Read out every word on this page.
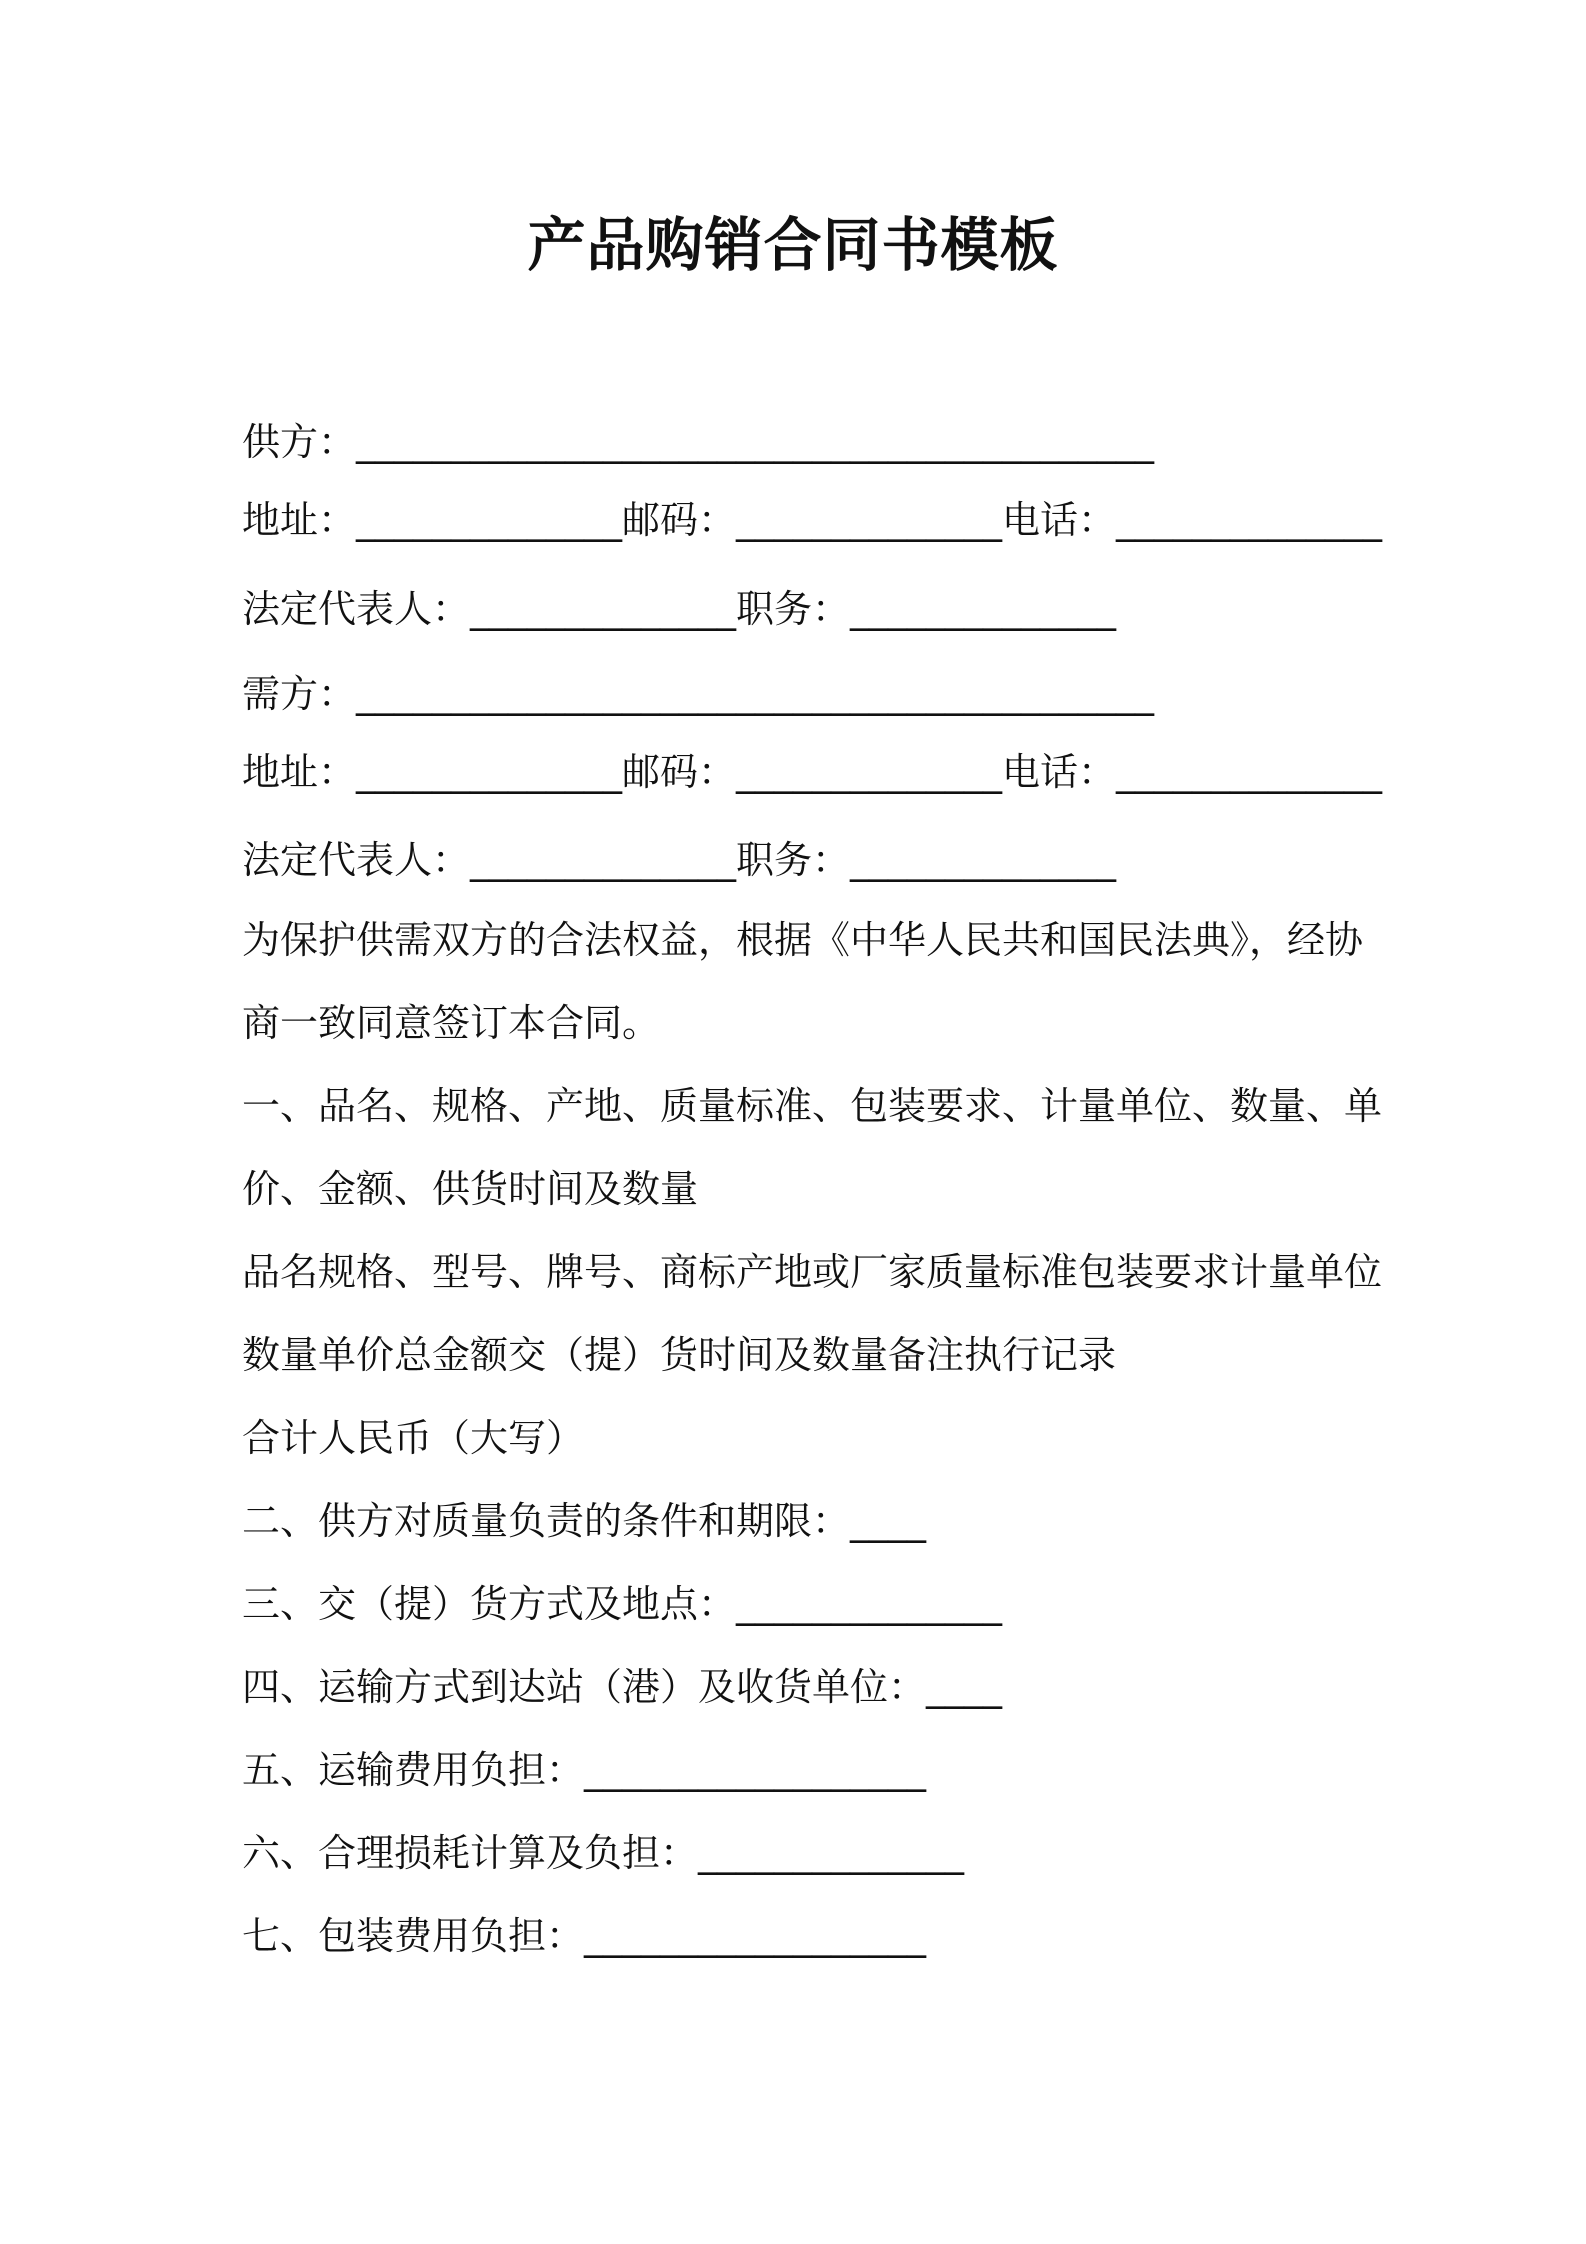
产品购销合同书模板
供方：__________________________________________
地址：______________邮码：______________电话：______________
法定代表人：______________职务：______________
需方：__________________________________________
地址：______________邮码：______________电话：______________
法定代表人：______________职务：______________
为保护供需双方的合法权益，根据《中华人民共和国民法典》，经协
商一致同意签订本合同。
一、品名、规格、产地、质量标准、包装要求、计量单位、数量、单
价、金额、供货时间及数量
品名规格、型号、牌号、商标产地或厂家质量标准包装要求计量单位
数量单价总金额交（提）货时间及数量备注执行记录
合计人民币（大写）
二、供方对质量负责的条件和期限：____
三、交（提）货方式及地点：______________
四、运输方式到达站（港）及收货单位：____
五、运输费用负担：__________________
六、合理损耗计算及负担：______________
七、包装费用负担：__________________
